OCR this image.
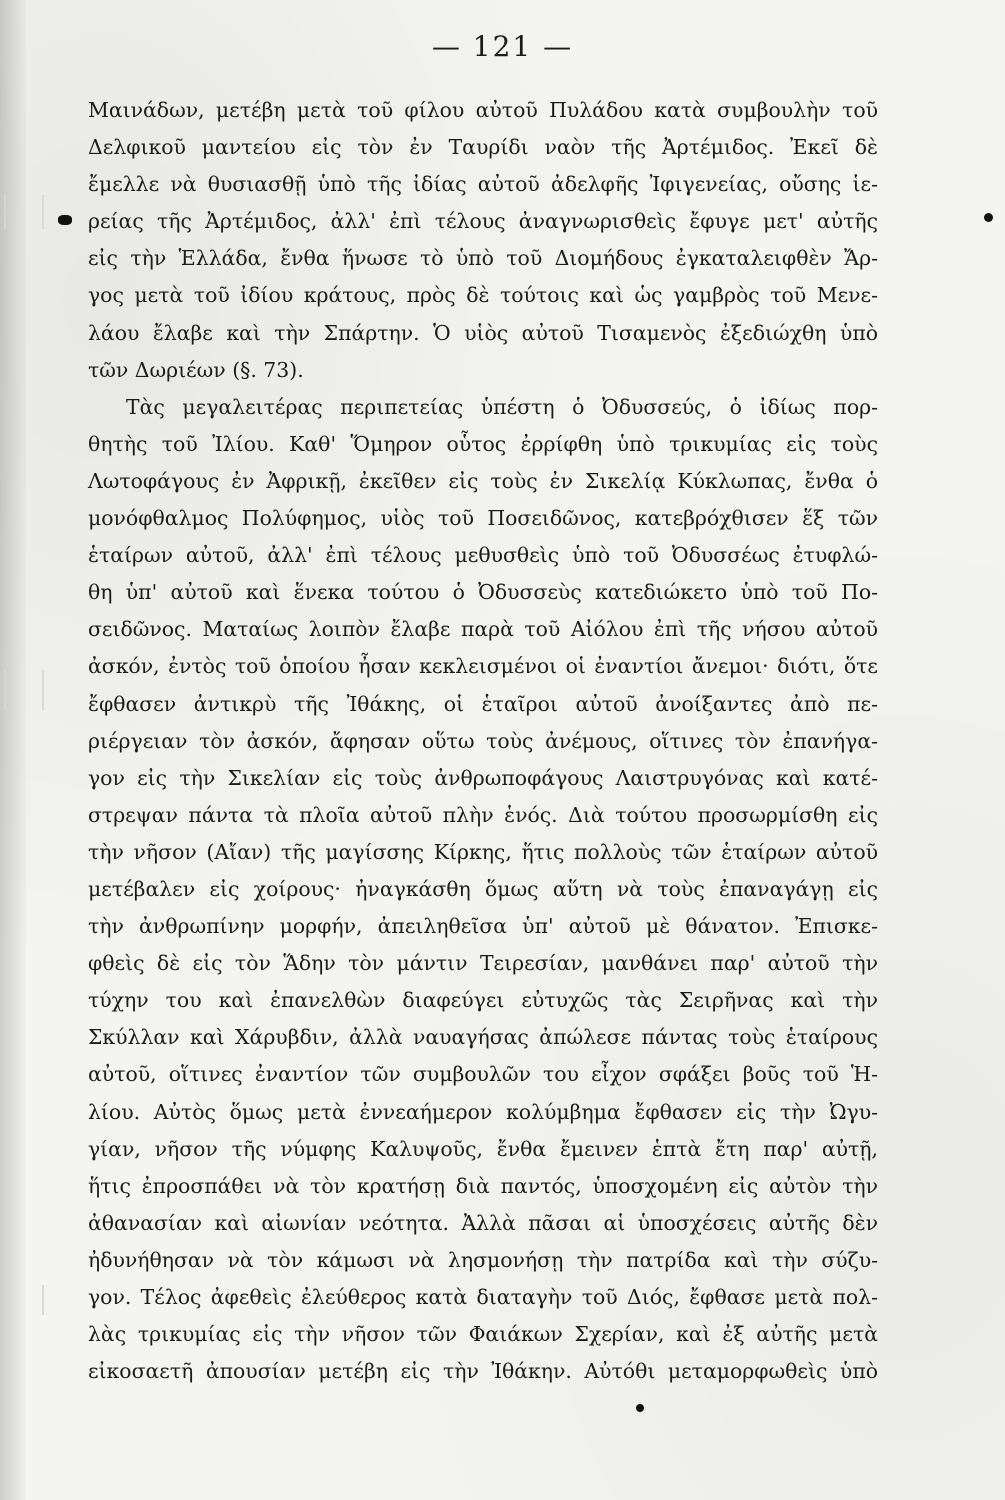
— 121 —
Μαινάδων, μετέβη μετὰ τοῦ φίλου αὐτοῦ Πυλάδου κατὰ συμβουλὴν τοῦ
Δελφικοῦ μαντείου εἰς τὸν ἐν Ταυρίδι ναὸν τῆς Ἀρτέμιδος. Ἐκεῖ δὲ
ἔμελλε νὰ θυσιασθῇ ὑπὸ τῆς ἰδίας αὐτοῦ ἀδελφῆς Ἰφιγενείας, οὔσης ἱε-
ρείας τῆς Ἀρτέμιδος, ἀλλ' ἐπὶ τέλους ἀναγνωρισθεὶς ἔφυγε μετ' αὐτῆς
εἰς τὴν Ἑλλάδα, ἔνθα ἥνωσε τὸ ὑπὸ τοῦ Διομήδους ἐγκαταλειφθὲν Ἄρ-
γος μετὰ τοῦ ἰδίου κράτους, πρὸς δὲ τούτοις καὶ ὡς γαμβρὸς τοῦ Μενε-
λάου ἔλαβε καὶ τὴν Σπάρτην. Ὁ υἱὸς αὐτοῦ Τισαμενὸς ἐξεδιώχθη ὑπὸ
τῶν Δωριέων (§. 73).
Τὰς μεγαλειτέρας περιπετείας ὑπέστη ὁ Ὀδυσσεύς, ὁ ἰδίως πορ-
θητὴς τοῦ Ἰλίου. Καθ' Ὅμηρον οὗτος ἐρρίφθη ὑπὸ τρικυμίας εἰς τοὺς
Λωτοφάγους ἐν Ἀφρικῇ, ἐκεῖθεν εἰς τοὺς ἐν Σικελίᾳ Κύκλωπας, ἔνθα ὁ
μονόφθαλμος Πολύφημος, υἱὸς τοῦ Ποσειδῶνος, κατεβρόχθισεν ἕξ τῶν
ἑταίρων αὐτοῦ, ἀλλ' ἐπὶ τέλους μεθυσθεὶς ὑπὸ τοῦ Ὀδυσσέως ἐτυφλώ-
θη ὑπ' αὐτοῦ καὶ ἕνεκα τούτου ὁ Ὀδυσσεὺς κατεδιώκετο ὑπὸ τοῦ Πο-
σειδῶνος. Ματαίως λοιπὸν ἔλαβε παρὰ τοῦ Αἰόλου ἐπὶ τῆς νήσου αὐτοῦ
ἀσκόν, ἐντὸς τοῦ ὁποίου ἦσαν κεκλεισμένοι οἱ ἐναντίοι ἄνεμοι· διότι, ὅτε
ἔφθασεν ἀντικρὺ τῆς Ἰθάκης, οἱ ἑταῖροι αὐτοῦ ἀνοίξαντες ἀπὸ πε-
ριέργειαν τὸν ἀσκόν, ἄφησαν οὕτω τοὺς ἀνέμους, οἵτινες τὸν ἐπανήγα-
γον εἰς τὴν Σικελίαν εἰς τοὺς ἀνθρωποφάγους Λαιστρυγόνας καὶ κατέ-
στρεψαν πάντα τὰ πλοῖα αὐτοῦ πλὴν ἑνός. Διὰ τούτου προσωρμίσθη εἰς
τὴν νῆσον (Αἴαν) τῆς μαγίσσης Κίρκης, ἥτις πολλοὺς τῶν ἑταίρων αὐτοῦ
μετέβαλεν εἰς χοίρους· ἠναγκάσθη ὅμως αὕτη νὰ τοὺς ἐπαναγάγῃ εἰς
τὴν ἀνθρωπίνην μορφήν, ἀπειληθεῖσα ὑπ' αὐτοῦ μὲ θάνατον. Ἐπισκε-
φθεὶς δὲ εἰς τὸν Ἅδην τὸν μάντιν Τειρεσίαν, μανθάνει παρ' αὐτοῦ τὴν
τύχην του καὶ ἐπανελθὼν διαφεύγει εὐτυχῶς τὰς Σειρῆνας καὶ τὴν
Σκύλλαν καὶ Χάρυβδιν, ἀλλὰ ναυαγήσας ἀπώλεσε πάντας τοὺς ἑταίρους
αὐτοῦ, οἵτινες ἐναντίον τῶν συμβουλῶν του εἶχον σφάξει βοῦς τοῦ Ἡ-
λίου. Αὐτὸς ὅμως μετὰ ἐννεαήμερον κολύμβημα ἔφθασεν εἰς τὴν Ὠγυ-
γίαν, νῆσον τῆς νύμφης Καλυψοῦς, ἔνθα ἔμεινεν ἑπτὰ ἔτη παρ' αὐτῇ,
ἥτις ἐπροσπάθει νὰ τὸν κρατήσῃ διὰ παντός, ὑποσχομένη εἰς αὐτὸν τὴν
ἀθανασίαν καὶ αἰωνίαν νεότητα. Ἀλλὰ πᾶσαι αἱ ὑποσχέσεις αὐτῆς δὲν
ἠδυνήθησαν νὰ τὸν κάμωσι νὰ λησμονήσῃ τὴν πατρίδα καὶ τὴν σύζυ-
γον. Τέλος ἀφεθεὶς ἐλεύθερος κατὰ διαταγὴν τοῦ Διός, ἔφθασε μετὰ πολ-
λὰς τρικυμίας εἰς τὴν νῆσον τῶν Φαιάκων Σχερίαν, καὶ ἐξ αὐτῆς μετὰ
εἰκοσαετῆ ἀπουσίαν μετέβη εἰς τὴν Ἰθάκην. Αὐτόθι μεταμορφωθεὶς ὑπὸ
